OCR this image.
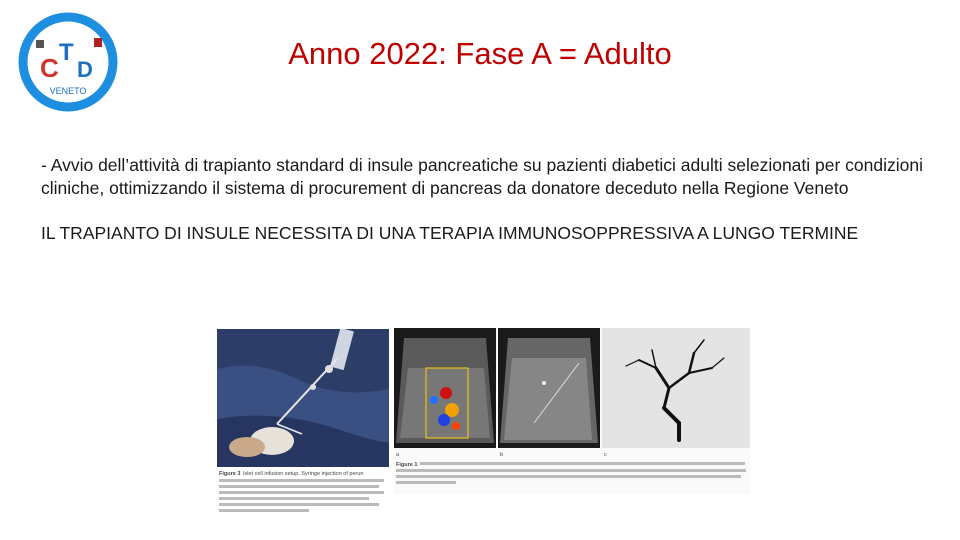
C
T
D
VENETO
Anno 2022: Fase A = Adulto

- Avvio dell’attività di trapianto standard di insule pancreatiche su pazienti diabetici adulti selezionati per condizioni cliniche, ottimizzando il sistema di procurement di pancreas da donatore deceduto nella Regione Veneto

IL TRAPIANTO DI INSULE NECESSITA DI UNA TERAPIA IMMUNOSOPPRESSIVA A LUNGO TERMINE

Figure 3 Islet cell infusion setup. Syringe injection of perun
a	b	c
Figure 1
